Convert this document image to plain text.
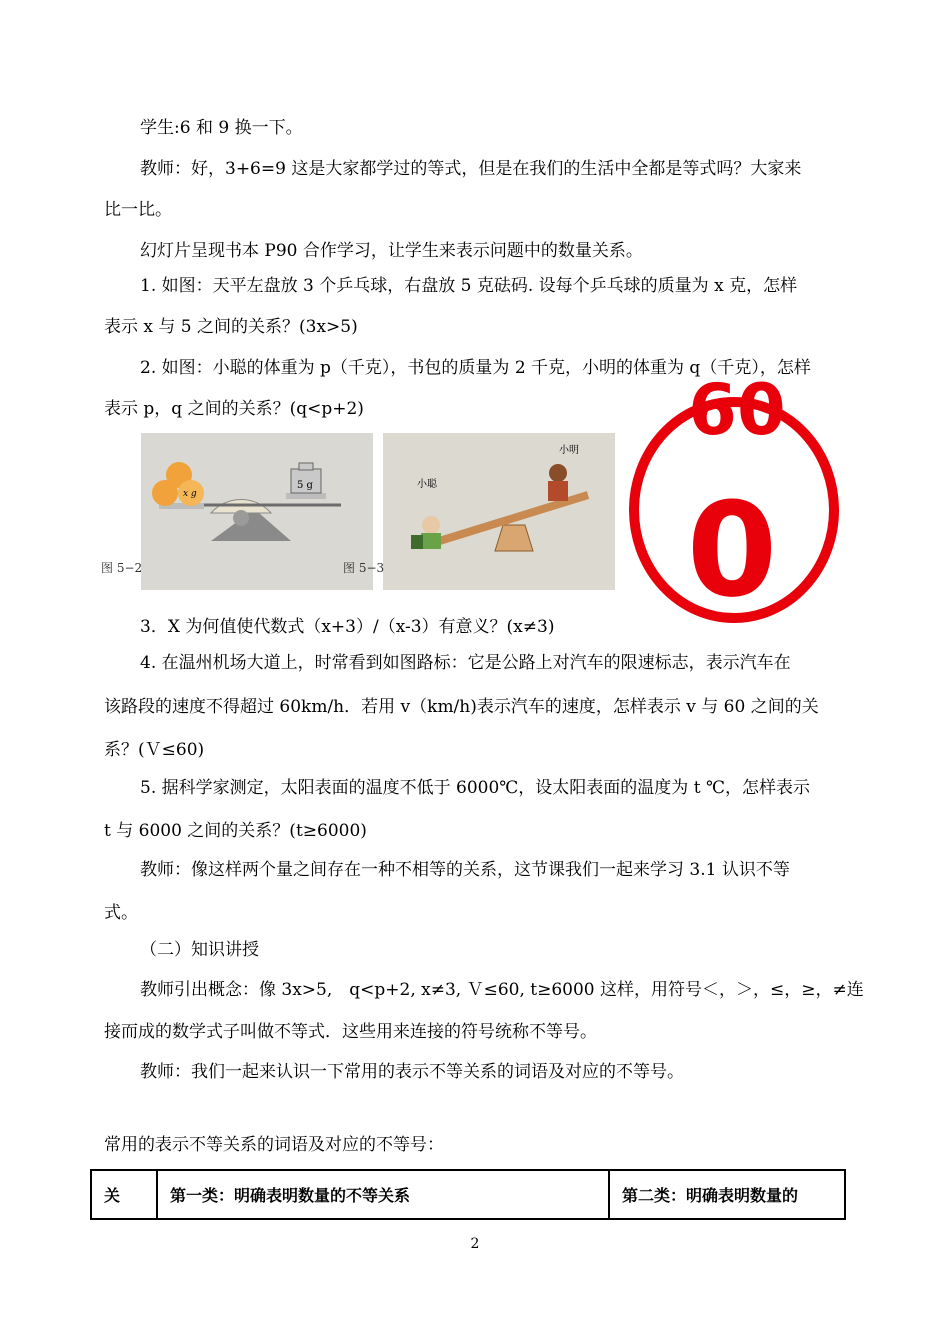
学生:6 和 9 换一下。
教师：好，3+6=9 这是大家都学过的等式，但是在我们的生活中全都是等式吗？大家来
比一比。
幻灯片呈现书本 P90 合作学习，让学生来表示问题中的数量关系。
1. 如图：天平左盘放 3 个乒乓球，右盘放 5 克砝码. 设每个乒乓球的质量为 x 克，怎样
表示 x 与 5 之间的关系？(3x>5)
2. 如图：小聪的体重为 p（千克），书包的质量为 2 千克，小明的体重为 q（千克），怎样
表示 p，q 之间的关系？(q<p+2)
x g
5 g
图 5−2
小聪
小明
图 5−3
60
0
3．X 为何值使代数式（x+3）/（x-3）有意义？(x≠3)
4. 在温州机场大道上，时常看到如图路标：它是公路上对汽车的限速标志，表示汽车在
该路段的速度不得超过 60km/h．若用 v（km/h)表示汽车的速度，怎样表示 v 与 60 之间的关
系？(Ｖ≤60)
5. 据科学家测定，太阳表面的温度不低于 6000℃，设太阳表面的温度为 t ℃，怎样表示
t 与 6000 之间的关系？(t≥6000)
教师：像这样两个量之间存在一种不相等的关系，这节课我们一起来学习 3.1 认识不等
式。
（二）知识讲授
教师引出概念：像 3x>5,　q<p+2, x≠3, Ｖ≤60, t≥6000 这样，用符号＜，＞，≤，≥，≠连
接而成的数学式子叫做不等式．这些用来连接的符号统称不等号。
教师：我们一起来认识一下常用的表示不等关系的词语及对应的不等号。
常用的表示不等关系的词语及对应的不等号：
关	第一类：明确表明数量的不等关系	第二类：明确表明数量的
2
